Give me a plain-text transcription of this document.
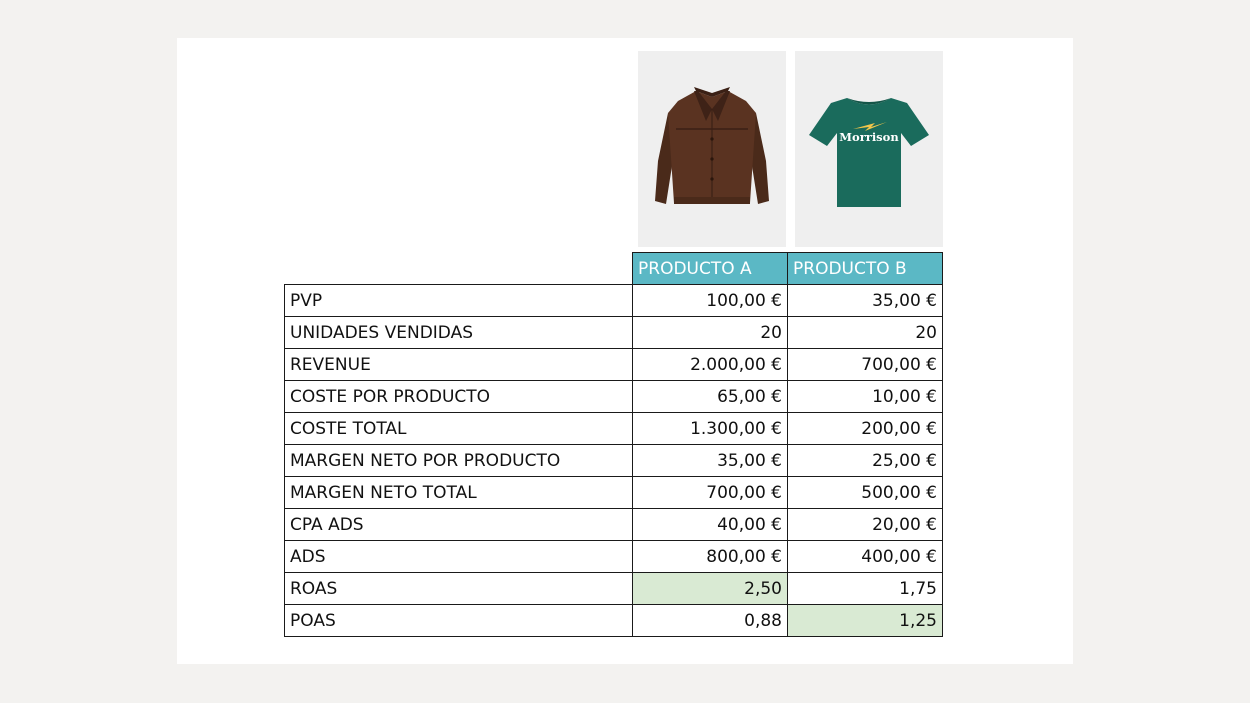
Morrison
	PRODUCTO A	PRODUCTO B
PVP	100,00 €	35,00 €
UNIDADES VENDIDAS	20	20
REVENUE	2.000,00 €	700,00 €
COSTE POR PRODUCTO	65,00 €	10,00 €
COSTE TOTAL	1.300,00 €	200,00 €
MARGEN NETO POR PRODUCTO	35,00 €	25,00 €
MARGEN NETO TOTAL	700,00 €	500,00 €
CPA ADS	40,00 €	20,00 €
ADS	800,00 €	400,00 €
ROAS	2,50	1,75
POAS	0,88	1,25
